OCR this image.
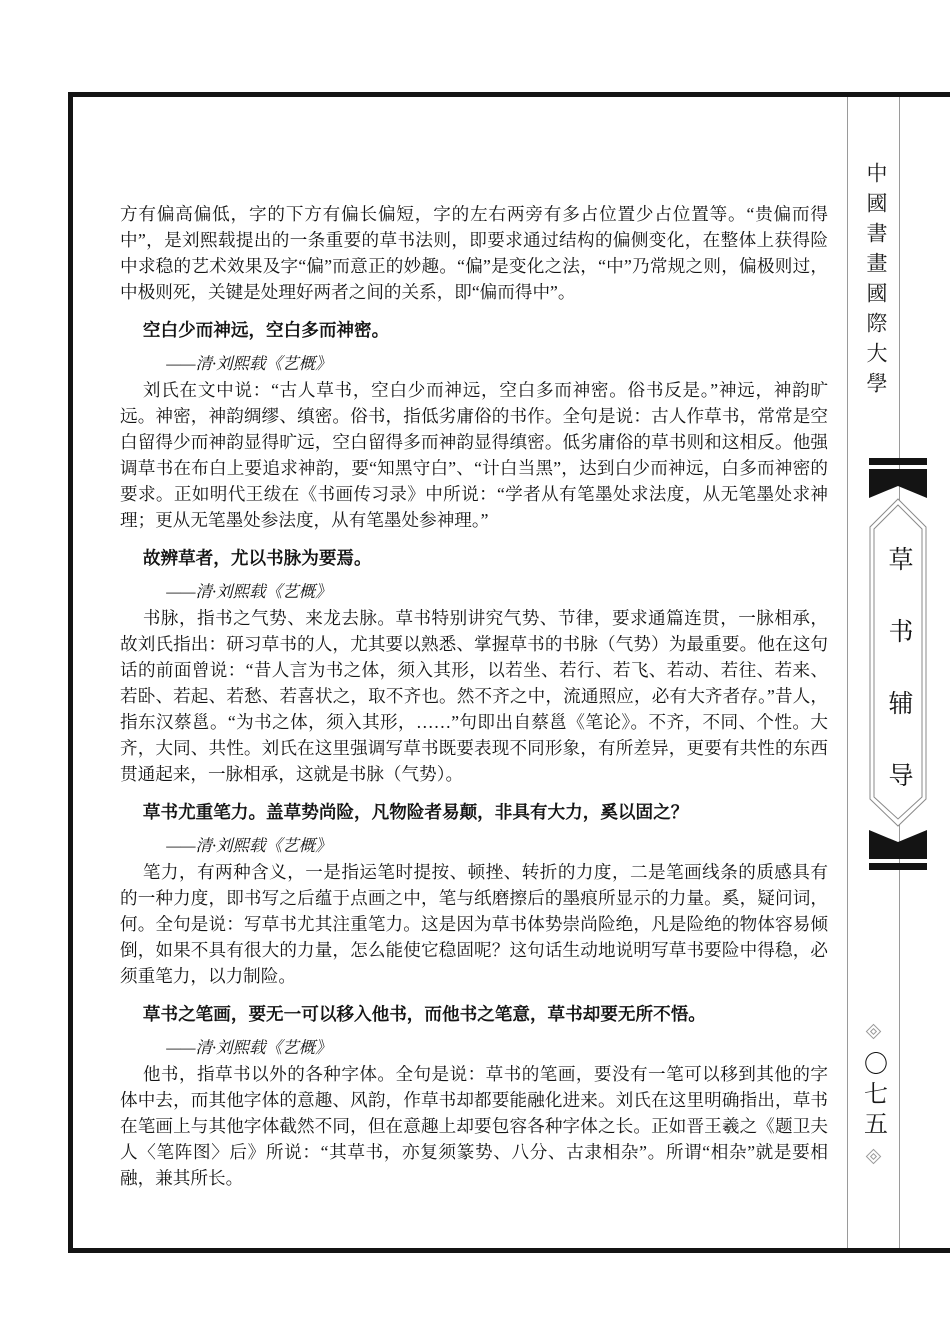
方有偏高偏低，字的下方有偏长偏短，字的左右两旁有多占位置少占位置等。“贵偏而得中”，是刘熙载提出的一条重要的草书法则，即要求通过结构的偏侧变化，在整体上获得险中求稳的艺术效果及字“偏”而意正的妙趣。“偏”是变化之法，“中”乃常规之则，偏极则过，中极则死，关键是处理好两者之间的关系，即“偏而得中”。

空白少而神远，空白多而神密。

——清·刘熙载《艺概》

刘氏在文中说：“古人草书，空白少而神远，空白多而神密。俗书反是。”神远，神韵旷远。神密，神韵绸缪、缜密。俗书，指低劣庸俗的书作。全句是说：古人作草书，常常是空白留得少而神韵显得旷远，空白留得多而神韵显得缜密。低劣庸俗的草书则和这相反。他强调草书在布白上要追求神韵，要“知黑守白”、“计白当黑”，达到白少而神远，白多而神密的要求。正如明代王绂在《书画传习录》中所说：“学者从有笔墨处求法度，从无笔墨处求神理；更从无笔墨处参法度，从有笔墨处参神理。”

故辨草者，尤以书脉为要焉。

——清·刘熙载《艺概》

书脉，指书之气势、来龙去脉。草书特别讲究气势、节律，要求通篇连贯，一脉相承，故刘氏指出：研习草书的人，尤其要以熟悉、掌握草书的书脉（气势）为最重要。他在这句话的前面曾说：“昔人言为书之体，须入其形，以若坐、若行、若飞、若动、若往、若来、若卧、若起、若愁、若喜状之，取不齐也。然不齐之中，流通照应，必有大齐者存。”昔人，指东汉蔡邕。“为书之体，须入其形，……”句即出自蔡邕《笔论》。不齐，不同、个性。大齐，大同、共性。刘氏在这里强调写草书既要表现不同形象，有所差异，更要有共性的东西贯通起来，一脉相承，这就是书脉（气势）。

草书尤重笔力。盖草势尚险，凡物险者易颠，非具有大力，奚以固之？

——清·刘熙载《艺概》

笔力，有两种含义，一是指运笔时提按、顿挫、转折的力度，二是笔画线条的质感具有的一种力度，即书写之后蕴于点画之中，笔与纸磨擦后的墨痕所显示的力量。奚，疑问词，何。全句是说：写草书尤其注重笔力。这是因为草书体势崇尚险绝，凡是险绝的物体容易倾倒，如果不具有很大的力量，怎么能使它稳固呢？这句话生动地说明写草书要险中得稳，必须重笔力，以力制险。

草书之笔画，要无一可以移入他书，而他书之笔意，草书却要无所不悟。

——清·刘熙载《艺概》

他书，指草书以外的各种字体。全句是说：草书的笔画，要没有一笔可以移到其他的字体中去，而其他字体的意趣、风韵，作草书却都要能融化进来。刘氏在这里明确指出，草书在笔画上与其他字体截然不同，但在意趣上却要包容各种字体之长。正如晋王羲之《题卫夫人〈笔阵图〉后》所说：“其草书，亦复须篆势、八分、古隶相杂”。所谓“相杂”就是要相融，兼其所长。

中國書畫國際大學
草书辅导
〇七五
